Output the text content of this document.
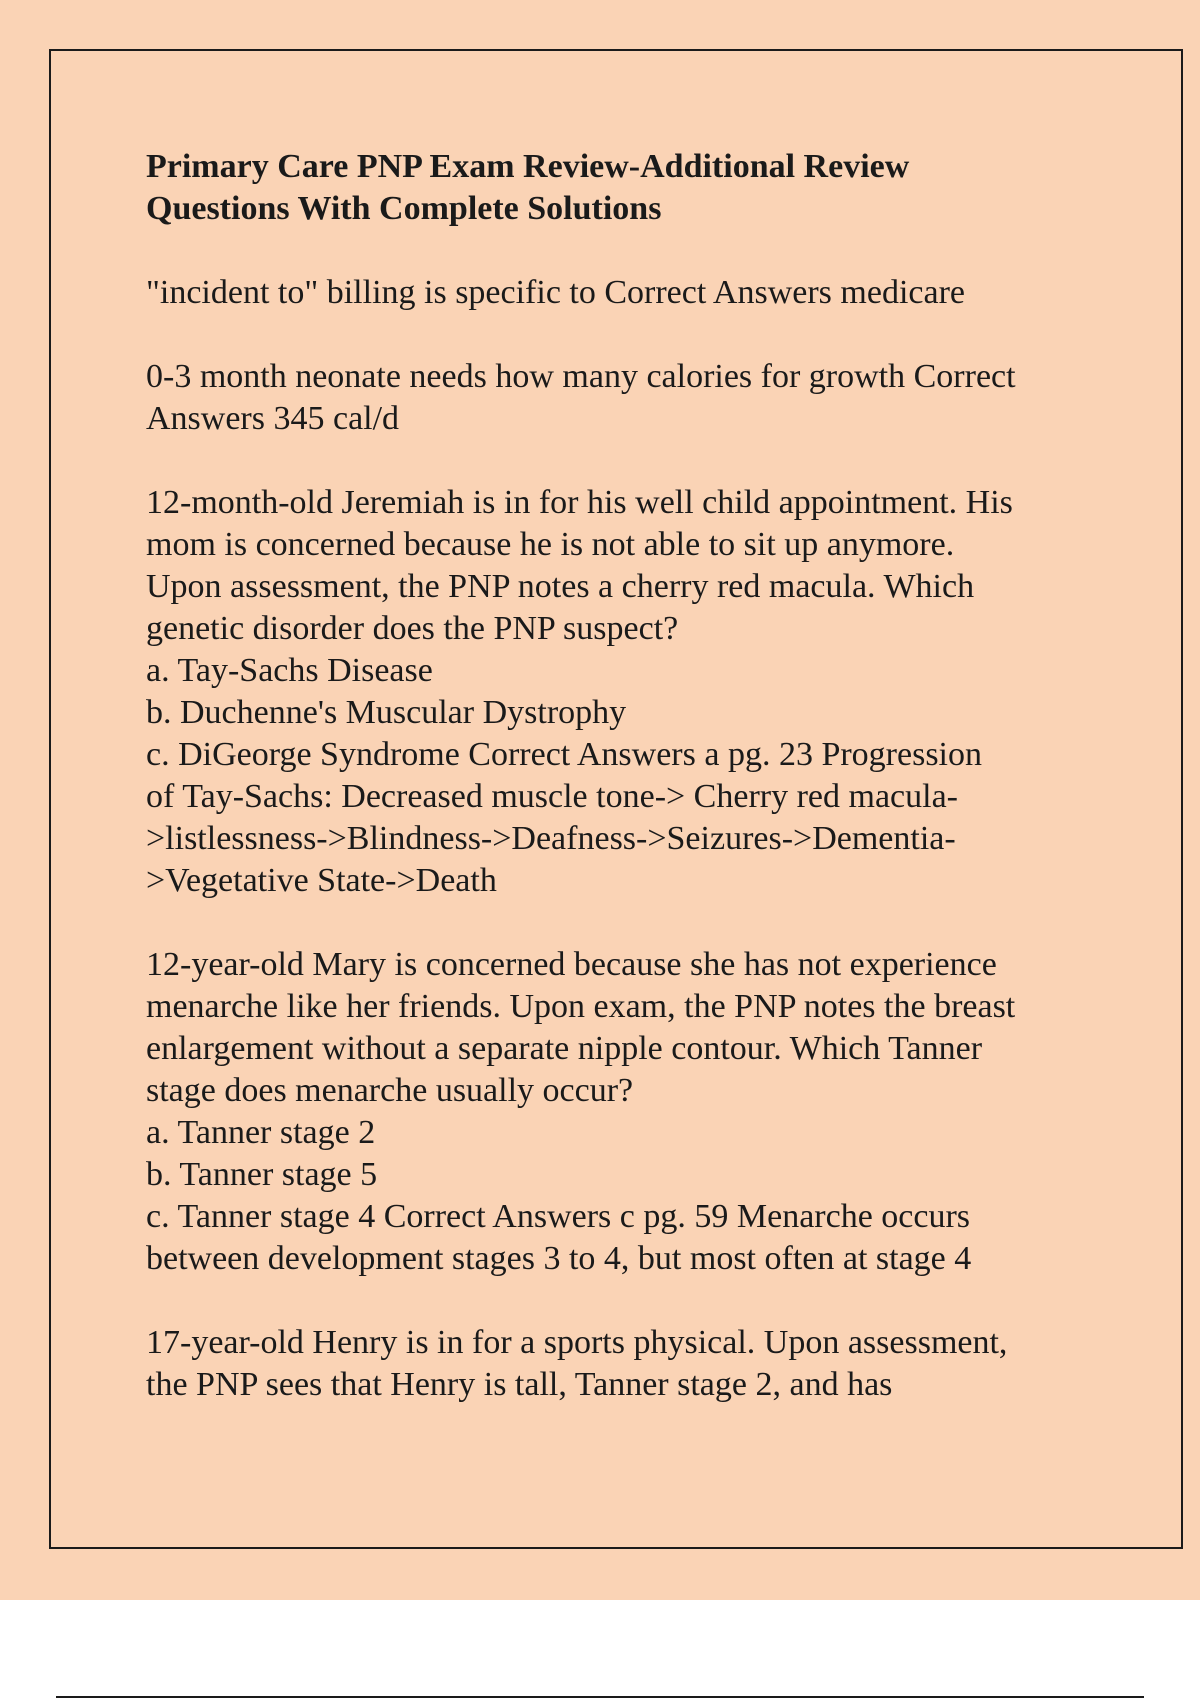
Primary Care PNP Exam Review-Additional Review
Questions With Complete Solutions

"incident to" billing is specific to Correct Answers medicare

0-3 month neonate needs how many calories for growth Correct
Answers 345 cal/d

12-month-old Jeremiah is in for his well child appointment. His
mom is concerned because he is not able to sit up anymore.
Upon assessment, the PNP notes a cherry red macula. Which
genetic disorder does the PNP suspect?
a. Tay-Sachs Disease
b. Duchenne's Muscular Dystrophy
c. DiGeorge Syndrome Correct Answers a pg. 23 Progression
of Tay-Sachs: Decreased muscle tone-> Cherry red macula-
>listlessness->Blindness->Deafness->Seizures->Dementia-
>Vegetative State->Death

12-year-old Mary is concerned because she has not experience
menarche like her friends. Upon exam, the PNP notes the breast
enlargement without a separate nipple contour. Which Tanner
stage does menarche usually occur?
a. Tanner stage 2
b. Tanner stage 5
c. Tanner stage 4 Correct Answers c pg. 59 Menarche occurs
between development stages 3 to 4, but most often at stage 4

17-year-old Henry is in for a sports physical. Upon assessment,
the PNP sees that Henry is tall, Tanner stage 2, and has
